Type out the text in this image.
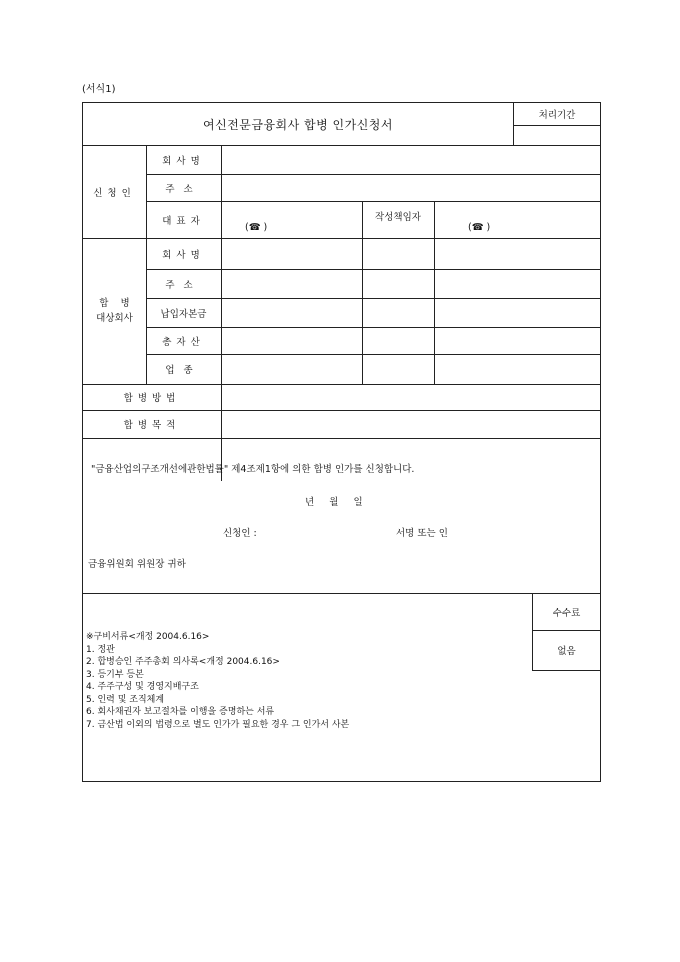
(서식1)
여신전문금융회사 합병 인가신청서
처리기간
신청인
회사명
주소
대표자
(☎ )
작성책임자
(☎ )
합    병
대상회사
회사명
주소
납입자본금
총자산
업종
합병방법
합병목적
"금융산업의구조개선에관한법률" 제4조제1항에 의한 합병 인가를 신청합니다.
년     월     일
신청인 :	서명 또는 인
금융위원회 위원장 귀하
수수료
없음
※구비서류<개정 2004.6.16>
1. 정관
2. 합병승인 주주총회 의사록<개정 2004.6.16>
3. 등기부 등본
4. 주주구성 및 경영지배구조
5. 인력 및 조직체계
6. 회사채권자 보고절차를 이행을 증명하는 서류
7. 금산법 이외의 법령으로 별도 인가가 필요한 경우 그 인가서 사본
